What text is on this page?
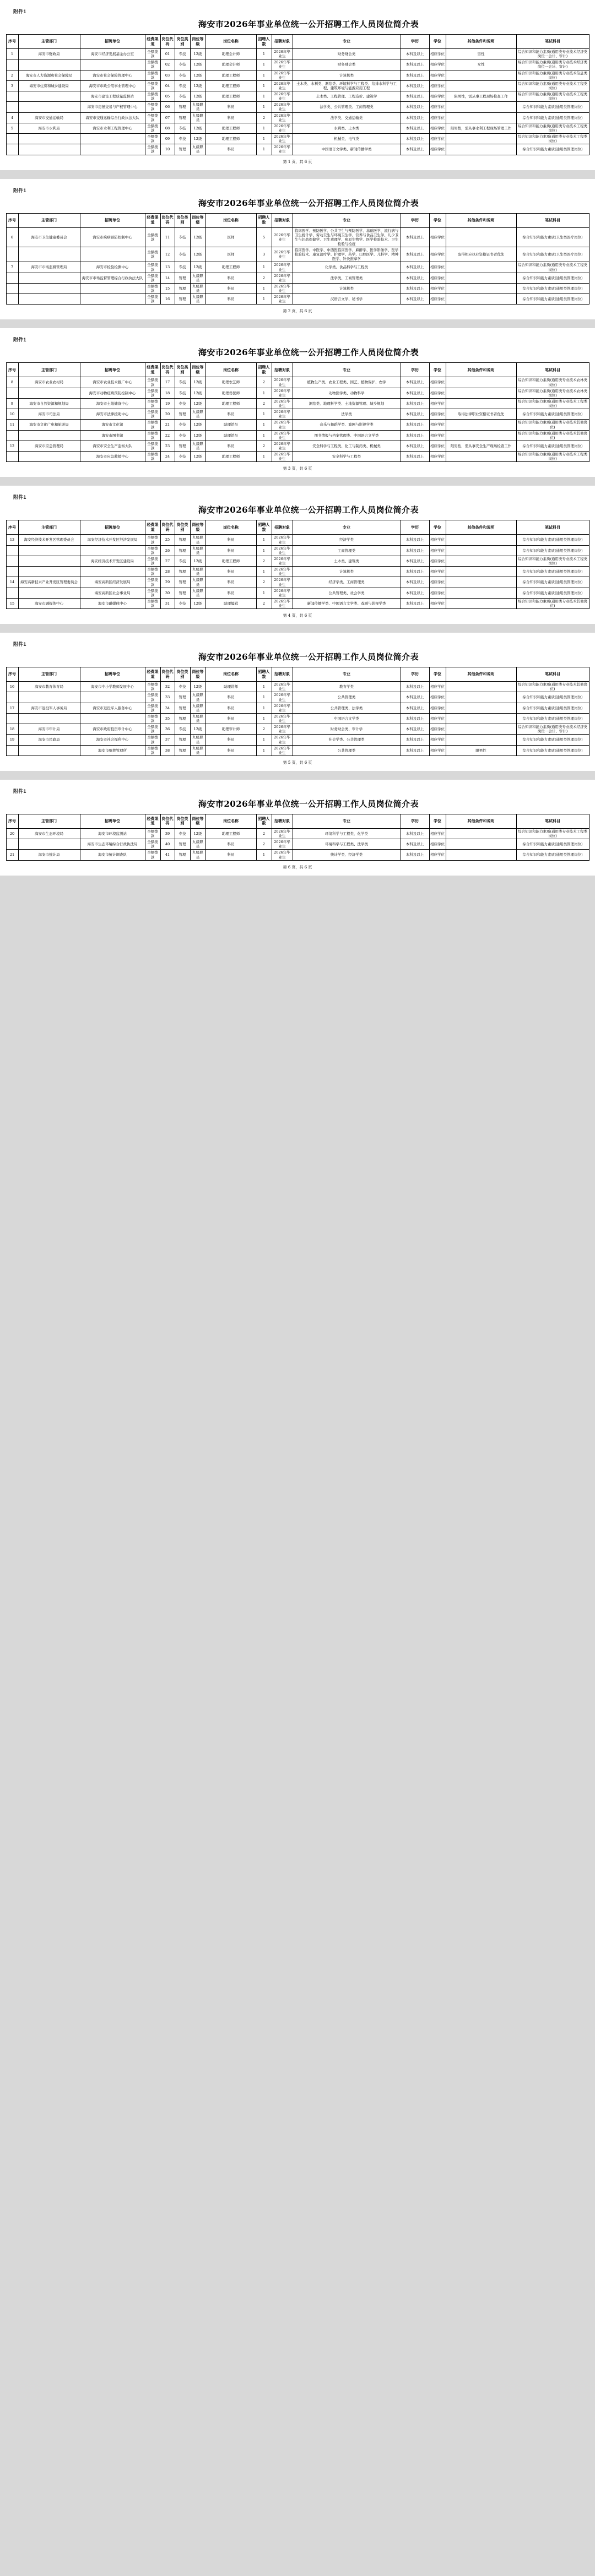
附件1
海安市2026年事业单位统一公开招聘工作人员岗位简介表
序号	主管部门	招聘单位	经费渠道	岗位代码	岗位类别	岗位等级	岗位名称	招聘人数	招聘对象	专业	学历	学位	其他条件和说明	笔试科目
1	海安市财政局	海安市经济发展基金办公室	全额拨款	01	专技	12级	助理会计师	1	2026年毕业生	财务财会类	本科及以上	相应学位	男性	综合知识和能力素质(通用类专业技术经济类岗位一会计、审计)
			全额拨款	02	专技	12级	助理会计师	1	2026年毕业生	财务财会类	本科及以上	相应学位	女性	综合知识和能力素质(通用类专业技术经济类岗位一会计、审计)
2	海安市人力资源和社会保障局	海安市社会保险管理中心	全额拨款	03	专技	12级	助理工程师	1	2026年毕业生	计算机类	本科及以上	相应学位		综合知识和能力素质(通用类专业技术信息类岗位)
3	海安市住房和城乡建设局	海安市市政公用事业管理中心	全额拨款	04	专技	12级	助理工程师	1	2026年毕业生	土木类、水利类、测绘类、环境科学与工程类、给排水科学与工程、建筑环境与能源应用工程	本科及以上	相应学位		综合知识和能力素质(通用类专业技术工程类岗位)
		海安市建设工程质量监督站	全额拨款	05	专技	12级	助理工程师	1	2026年毕业生	土木类、工程管理、工程造价、建筑学	本科及以上	相应学位	限男性，需从事工程现场检查工作	综合知识和能力素质(通用类专业技术工程类岗位)
		海安市房屋交易与产权管理中心	全额拨款	06	管理	九级职员	科员	1	2026年毕业生	法学类、公共管理类、工商管理类	本科及以上	相应学位		综合知识和能力素质(通用类管理岗位)
4	海安市交通运输局	海安市交通运输综合行政执法大队	全额拨款	07	管理	九级职员	科员	2	2026年毕业生	法学类、交通运输类	本科及以上	相应学位		综合知识和能力素质(通用类管理岗位)
5	海安市水利局	海安市水利工程管理中心	全额拨款	08	专技	12级	助理工程师	1	2026年毕业生	水利类、土木类	本科及以上	相应学位	限男性，需从事水利工程现场管理工作	综合知识和能力素质(通用类专业技术工程类岗位)
			全额拨款	09	专技	12级	助理工程师	1	2026年毕业生	机械类、电气类	本科及以上	相应学位		综合知识和能力素质(通用类专业技术工程类岗位)
			全额拨款	10	管理	九级职员	科员	1	2026年毕业生	中国语言文学类、新闻传播学类	本科及以上	相应学位		综合知识和能力素质(通用类管理岗位)
第 1 页，共 6 页
附件1
海安市2026年事业单位统一公开招聘工作人员岗位简介表
序号	主管部门	招聘单位	经费渠道	岗位代码	岗位类别	岗位等级	岗位名称	招聘人数	招聘对象	专业	学历	学位	其他条件和说明	笔试科目
6	海安市卫生健康委员会	海安市疾病预防控制中心	全额拨款	11	专技	12级	医师	5	2026年毕业生	临床医学、预防医学、公共卫生与预防医学、基础医学、流行病与卫生统计学、劳动卫生与环境卫生学、营养与食品卫生学、儿少卫生与妇幼保健学、卫生毒理学、病原生物学、医学检验技术、卫生检验与检疫	本科及以上	相应学位		综合知识和能力素质(卫生类医疗岗位)
			全额拨款	12	专技	12级	医师	3	2026年毕业生	临床医学、中医学、中西医临床医学、麻醉学、医学影像学、医学检验技术、康复治疗学、护理学、药学、口腔医学、儿科学、精神医学、针灸推拿学	本科及以上	相应学位	取得相应执业资格证书者优先	综合知识和能力素质(卫生类医疗岗位)
7	海安市市场监督管理局	海安市检验检测中心	全额拨款	13	专技	12级	助理工程师	1	2026年毕业生	化学类、食品科学与工程类	本科及以上	相应学位		综合知识和能力素质(通用类专业技术工程类岗位)
		海安市市场监督管理综合行政执法大队	全额拨款	14	管理	九级职员	科员	2	2026年毕业生	法学类、工商管理类	本科及以上	相应学位		综合知识和能力素质(通用类管理岗位)
			全额拨款	15	管理	九级职员	科员	1	2026年毕业生	计算机类	本科及以上	相应学位		综合知识和能力素质(通用类管理岗位)
			全额拨款	16	管理	九级职员	科员	1	2026年毕业生	汉语言文学、秘书学	本科及以上	相应学位		综合知识和能力素质(通用类管理岗位)
第 2 页，共 6 页
附件1
海安市2026年事业单位统一公开招聘工作人员岗位简介表
序号	主管部门	招聘单位	经费渠道	岗位代码	岗位类别	岗位等级	岗位名称	招聘人数	招聘对象	专业	学历	学位	其他条件和说明	笔试科目
8	海安市农业农村局	海安市农业技术推广中心	全额拨款	17	专技	12级	助理农艺师	2	2026年毕业生	植物生产类、农业工程类、园艺、植物保护、农学	本科及以上	相应学位		综合知识和能力素质(通用类专业技术农林类岗位)
		海安市动物疫病预防控制中心	全额拨款	18	专技	12级	助理兽医师	1	2026年毕业生	动物医学类、动物科学	本科及以上	相应学位		综合知识和能力素质(通用类专业技术农林类岗位)
9	海安市自然资源和规划局	海安市土地储备中心	全额拨款	19	专技	12级	助理工程师	2	2026年毕业生	测绘类、地理科学类、土地资源管理、城乡规划	本科及以上	相应学位		综合知识和能力素质(通用类专业技术工程类岗位)
10	海安市司法局	海安市法律援助中心	全额拨款	20	管理	九级职员	科员	1	2026年毕业生	法学类	本科及以上	相应学位	取得法律职业资格证书者优先	综合知识和能力素质(通用类管理岗位)
11	海安市文化广电和旅游局	海安市文化馆	全额拨款	21	专技	12级	助理馆员	1	2026年毕业生	音乐与舞蹈学类、戏剧与影视学类	本科及以上	相应学位		综合知识和能力素质(通用类专业技术其他岗位)
		海安市图书馆	全额拨款	22	专技	12级	助理馆员	1	2026年毕业生	图书情报与档案管理类、中国语言文学类	本科及以上	相应学位		综合知识和能力素质(通用类专业技术其他岗位)
12	海安市应急管理局	海安市安全生产监察大队	全额拨款	23	管理	九级职员	科员	2	2026年毕业生	安全科学与工程类、化工与制药类、机械类	本科及以上	相应学位	限男性，需从事安全生产现场检查工作	综合知识和能力素质(通用类管理岗位)
		海安市应急救援中心	全额拨款	24	专技	12级	助理工程师	1	2026年毕业生	安全科学与工程类	本科及以上	相应学位		综合知识和能力素质(通用类专业技术工程类岗位)
第 3 页，共 6 页
附件1
海安市2026年事业单位统一公开招聘工作人员岗位简介表
序号	主管部门	招聘单位	经费渠道	岗位代码	岗位类别	岗位等级	岗位名称	招聘人数	招聘对象	专业	学历	学位	其他条件和说明	笔试科目
13	海安经济技术开发区管理委员会	海安经济技术开发区经济发展局	全额拨款	25	管理	九级职员	科员	1	2026年毕业生	经济学类	本科及以上	相应学位		综合知识和能力素质(通用类管理岗位)
			全额拨款	26	管理	九级职员	科员	1	2026年毕业生	工商管理类	本科及以上	相应学位		综合知识和能力素质(通用类管理岗位)
		海安经济技术开发区建设局	全额拨款	27	专技	12级	助理工程师	2	2026年毕业生	土木类、建筑类	本科及以上	相应学位		综合知识和能力素质(通用类专业技术工程类岗位)
			全额拨款	28	管理	九级职员	科员	1	2026年毕业生	计算机类	本科及以上	相应学位		综合知识和能力素质(通用类管理岗位)
14	海安高新技术产业开发区管理委员会	海安高新区经济发展局	全额拨款	29	管理	九级职员	科员	2	2026年毕业生	经济学类、工商管理类	本科及以上	相应学位		综合知识和能力素质(通用类管理岗位)
		海安高新区社会事业局	全额拨款	30	管理	九级职员	科员	1	2026年毕业生	公共管理类、社会学类	本科及以上	相应学位		综合知识和能力素质(通用类管理岗位)
15	海安市融媒体中心	海安市融媒体中心	全额拨款	31	专技	12级	助理编辑	2	2026年毕业生	新闻传播学类、中国语言文学类、戏剧与影视学类	本科及以上	相应学位		综合知识和能力素质(通用类专业技术其他岗位)
第 4 页，共 6 页
附件1
海安市2026年事业单位统一公开招聘工作人员岗位简介表
序号	主管部门	招聘单位	经费渠道	岗位代码	岗位类别	岗位等级	岗位名称	招聘人数	招聘对象	专业	学历	学位	其他条件和说明	笔试科目
16	海安市教育体育局	海安市中小学教师发展中心	全额拨款	32	专技	12级	助理讲师	1	2026年毕业生	教育学类	本科及以上	相应学位		综合知识和能力素质(通用类专业技术其他岗位)
			全额拨款	33	管理	九级职员	科员	1	2026年毕业生	公共管理类	本科及以上	相应学位		综合知识和能力素质(通用类管理岗位)
17	海安市退役军人事务局	海安市退役军人服务中心	全额拨款	34	管理	九级职员	科员	1	2026年毕业生	公共管理类、法学类	本科及以上	相应学位		综合知识和能力素质(通用类管理岗位)
			全额拨款	35	管理	九级职员	科员	1	2026年毕业生	中国语言文学类	本科及以上	相应学位		综合知识和能力素质(通用类管理岗位)
18	海安市审计局	海安市政府投资审计中心	全额拨款	36	专技	12级	助理审计师	2	2026年毕业生	财务财会类、审计学	本科及以上	相应学位		综合知识和能力素质(通用类专业技术经济类岗位一会计、审计)
19	海安市民政局	海安市社会福利中心	全额拨款	37	管理	九级职员	科员	1	2026年毕业生	社会学类、公共管理类	本科及以上	相应学位		综合知识和能力素质(通用类管理岗位)
		海安市殡葬管理所	全额拨款	38	管理	九级职员	科员	1	2026年毕业生	公共管理类	本科及以上	相应学位	限男性	综合知识和能力素质(通用类管理岗位)
第 5 页，共 6 页
附件1
海安市2026年事业单位统一公开招聘工作人员岗位简介表
序号	主管部门	招聘单位	经费渠道	岗位代码	岗位类别	岗位等级	岗位名称	招聘人数	招聘对象	专业	学历	学位	其他条件和说明	笔试科目
20	海安市生态环境局	海安市环境监测站	全额拨款	39	专技	12级	助理工程师	2	2026年毕业生	环境科学与工程类、化学类	本科及以上	相应学位		综合知识和能力素质(通用类专业技术工程类岗位)
		海安市生态环境综合行政执法局	全额拨款	40	管理	九级职员	科员	2	2026年毕业生	环境科学与工程类、法学类	本科及以上	相应学位		综合知识和能力素质(通用类管理岗位)
21	海安市统计局	海安市统计调查队	全额拨款	41	管理	九级职员	科员	1	2026年毕业生	统计学类、经济学类	本科及以上	相应学位		综合知识和能力素质(通用类管理岗位)
第 6 页，共 6 页
